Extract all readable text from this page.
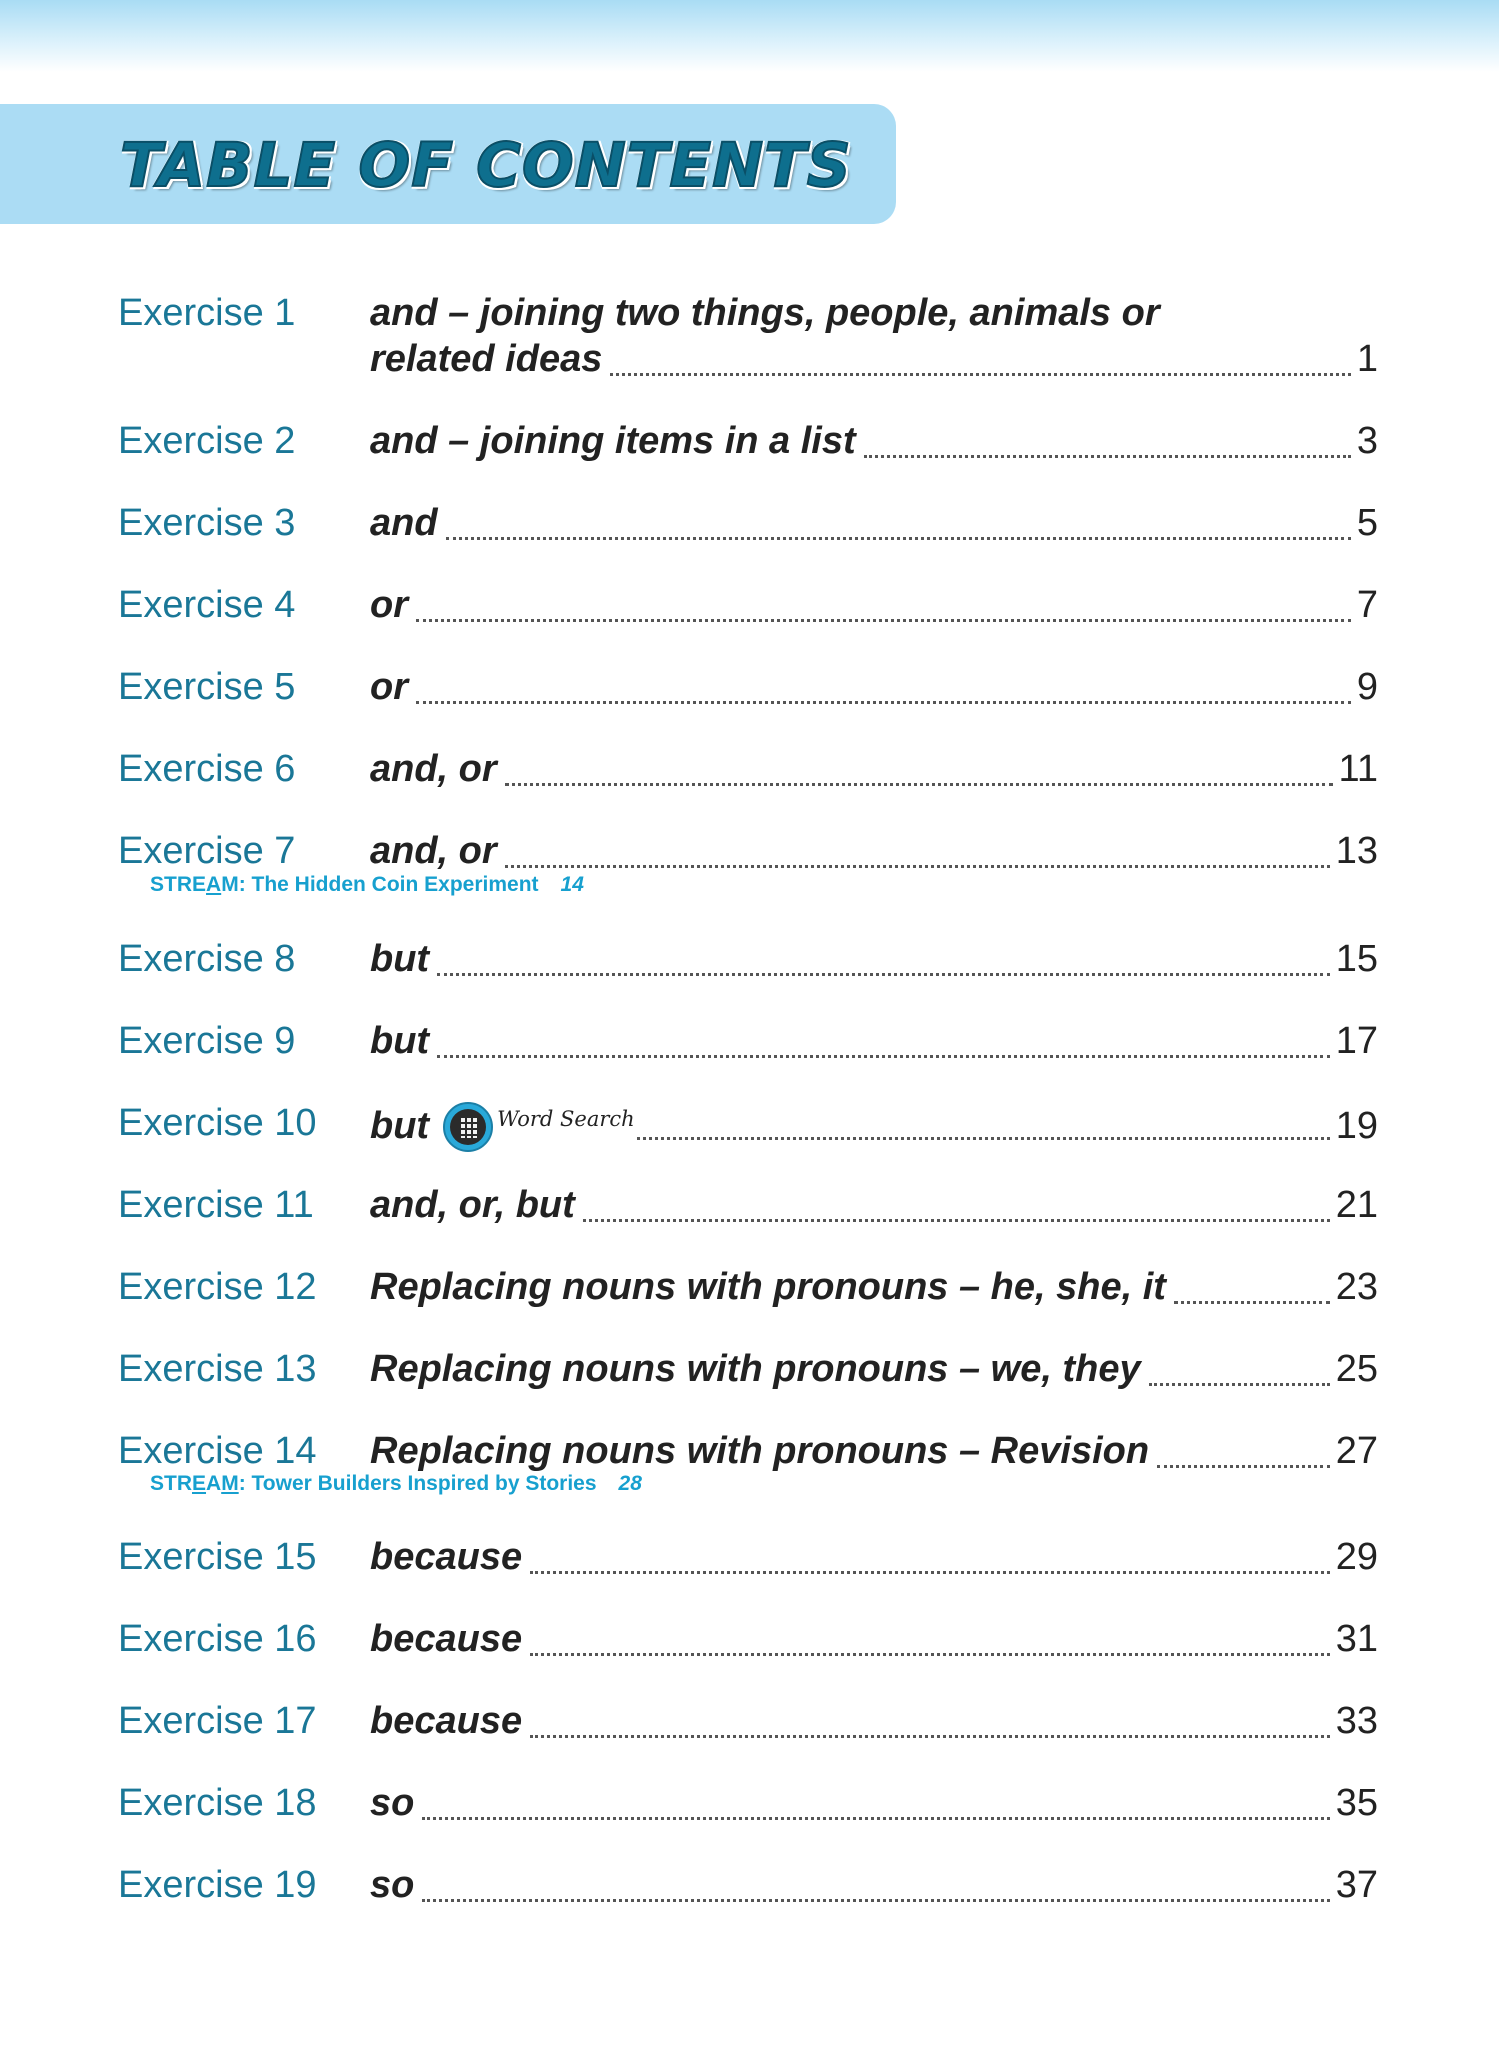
TABLE OF CONTENTS
Exercise 1 and – joining two things, people, animals or
related ideas	1
Exercise 2 and – joining items in a list	3
Exercise 3 and	5
Exercise 4 or	7
Exercise 5 or	9
Exercise 6 and, or	11
Exercise 7 and, or	13
STREAM: The Hidden Coin Experiment 14
Exercise 8 but	15
Exercise 9 but	17
Exercise 10 but	Word Search	19
Exercise 11 and, or, but	21
Exercise 12 Replacing nouns with pronouns – he, she, it	23
Exercise 13 Replacing nouns with pronouns – we, they	25
Exercise 14 Replacing nouns with pronouns – Revision	27
STREAM: Tower Builders Inspired by Stories 28
Exercise 15 because	29
Exercise 16 because	31
Exercise 17 because	33
Exercise 18 so	35
Exercise 19 so	37
